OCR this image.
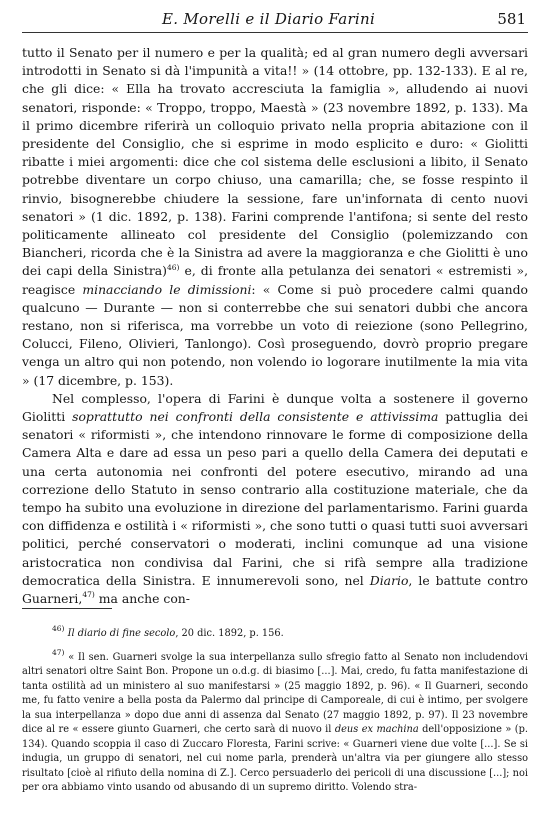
E. Morelli e il Diario Farini	581

tutto il Senato per il numero e per la qualità; ed al gran numero degli avversari introdotti in Senato si dà l'impunità a vita!! » (14 ottobre, pp. 132-133). E al re, che gli dice: « Ella ha trovato accresciuta la famiglia », alludendo ai nuovi senatori, risponde: « Troppo, troppo, Maestà » (23 novembre 1892, p. 133). Ma il primo dicembre riferirà un colloquio privato nella propria abitazione con il presidente del Consiglio, che si esprime in modo esplicito e duro: « Giolitti ribatte i miei argomenti: dice che col sistema delle esclusioni a libito, il Senato potrebbe diventare un corpo chiuso, una camarilla; che, se fosse respinto il rinvio, bisognerebbe chiudere la sessione, fare un'infornata di cento nuovi senatori » (1 dic. 1892, p. 138). Farini comprende l'antifona; si sente del resto politicamente allineato col presidente del Consiglio (polemizzando con Biancheri, ricorda che è la Sinistra ad avere la maggioranza e che Giolitti è uno dei capi della Sinistra)$^{46)}$ e, di fronte alla petulanza dei senatori « estremisti », reagisce minacciando le dimissioni: « Come si può procedere calmi quando qualcuno — Durante — non si conterrebbe che sui senatori dubbi che ancora restano, non si riferisca, ma vorrebbe un voto di reiezione (sono Pellegrino, Colucci, Fileno, Olivieri, Tanlongo). Così proseguendo, dovrò proprio pregare venga un altro qui non potendo, non volendo io logorare inutilmente la mia vita » (17 dicembre, p. 153).

Nel complesso, l'opera di Farini è dunque volta a sostenere il governo Giolitti soprattutto nei confronti della consistente e attivissima pattuglia dei senatori « riformisti », che intendono rinnovare le forme di composizione della Camera Alta e dare ad essa un peso pari a quello della Camera dei deputati e una certa autonomia nei confronti del potere esecutivo, mirando ad una correzione dello Statuto in senso contrario alla costituzione materiale, che da tempo ha subito una evoluzione in direzione del parlamentarismo. Farini guarda con diffidenza e ostilità i « riformisti », che sono tutti o quasi tutti suoi avversari politici, perché conservatori o moderati, inclini comunque ad una visione aristocratica non condivisa dal Farini, che si rifà sempre alla tradizione democratica della Sinistra. E innumerevoli sono, nel Diario, le battute contro Guarneri,$^{47)}$ ma anche con-

$^{46)}$ Il diario di fine secolo, 20 dic. 1892, p. 156.

$^{47)}$ « Il sen. Guarneri svolge la sua interpellanza sullo sfregio fatto al Senato non includendovi altri senatori oltre Saint Bon. Propone un o.d.g. di biasimo [...]. Mai, credo, fu fatta manifestazione di tanta ostilità ad un ministero al suo manifestarsi » (25 maggio 1892, p. 96). « Il Guarneri, secondo me, fu fatto venire a bella posta da Palermo dal principe di Camporeale, di cui è intimo, per svolgere la sua interpellanza » dopo due anni di assenza dal Senato (27 maggio 1892, p. 97). Il 23 novembre dice al re « essere giunto Guarneri, che certo sarà di nuovo il deus ex machina dell'opposizione » (p. 134). Quando scoppia il caso di Zuccaro Floresta, Farini scrive: « Guarneri viene due volte [...]. Se si indugia, un gruppo di senatori, nel cui nome parla, prenderà un'altra via per giungere allo stesso risultato [cioè al rifiuto della nomina di Z.]. Cerco persuaderlo dei pericoli di una discussione [...]; noi per ora abbiamo vinto usando od abusando di un supremo diritto. Volendo stra-
